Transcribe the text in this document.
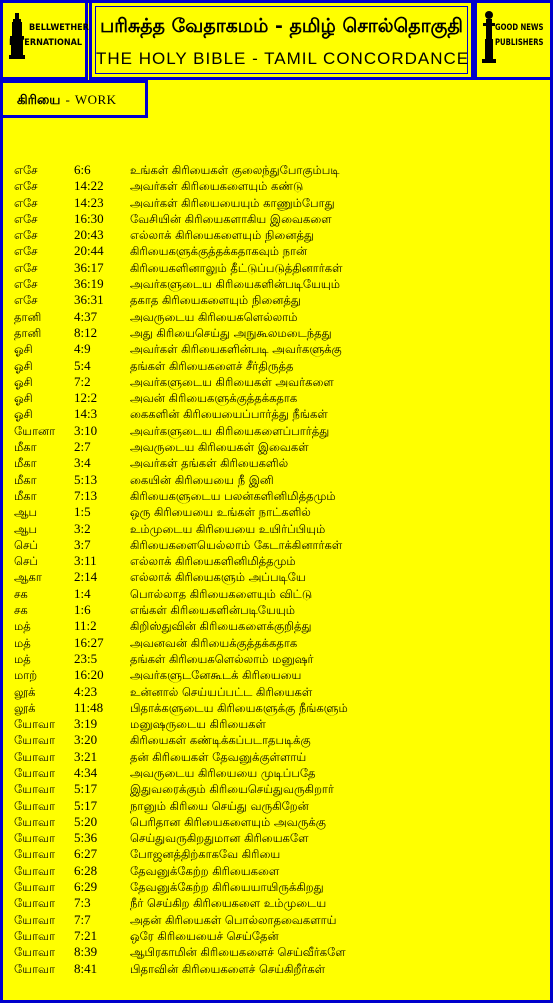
BELLWETHER
INTERNATIONAL
பரிசுத்த வேதாகமம் - தமிழ் சொல்தொகுதி
THE HOLY BIBLE - TAMIL CONCORDANCE
GOOD NEWS
PUBLISHERS
கிரியை - WORK
எசே	6:6	உங்கள் கிரியைகள் குலைந்துபோகும்படி
எசே	14:22 அவர்கள் கிரியைகளையும் கண்டு
எசே	14:23 அவர்கள் கிரியையையும் காணும்போது
எசே	16:30 வேசியின் கிரியைகளாகிய இவைகளை
எசே	20:43 எல்லாக் கிரியைகளையும் நினைத்து
எசே	20:44 கிரியைகளுக்குத்தக்கதாகவும் நான்
எசே	36:17 கிரியைகளினாலும் தீட்டுப்படுத்தினார்கள்
எசே	36:19 அவர்களுடைய கிரியைகளின்படியேயும்
எசே	36:31 தகாத கிரியைகளையும் நினைத்து
தானி	4:37	அவருடைய கிரியைகளெல்லாம்
தானி	8:12	அது கிரியைசெய்து அநுகூலமடைந்தது
ஓசி	4:9	அவர்கள் கிரியைகளின்படி அவர்களுக்கு
ஓசி	5:4	தங்கள் கிரியைகளைச் சீர்திருத்த
ஓசி	7:2	அவர்களுடைய கிரியைகள் அவர்களை
ஓசி	12:2	அவன் கிரியைகளுக்குத்தக்கதாக
ஓசி	14:3	கைகளின் கிரியையைப்பார்த்து நீங்கள்
யோனா 3:10	அவர்களுடைய கிரியைகளைப்பார்த்து
மீகா	2:7	அவருடைய கிரியைகள் இவைகள்
மீகா	3:4	அவர்கள் தங்கள் கிரியைகளில்
மீகா	5:13	கையின் கிரியையை நீ இனி
மீகா	7:13	கிரியைகளுடைய பலன்களினிமித்தமும்
ஆப	1:5	ஒரு கிரியையை உங்கள் நாட்களில்
ஆப	3:2	உம்முடைய கிரியையை உயிர்ப்பியும்
செப்	3:7	கிரியைகளையெல்லாம் கேடாக்கினார்கள்
செப்	3:11	எல்லாக் கிரியைகளினிமித்தமும்
ஆகா 2:14	எல்லாக் கிரியைகளும் அப்படியே
சக	1:4	பொல்லாத கிரியைகளையும் விட்டு
சக	1:6	எங்கள் கிரியைகளின்படியேயும்
மத்	11:2	கிறிஸ்துவின் கிரியைகளைக்குறித்து
மத்	16:27 அவனவன் கிரியைக்குத்தக்கதாக
மத்	23:5	தங்கள் கிரியைகளெல்லாம் மனுஷர்
மாற்	16:20 அவர்களுடனேகூடக் கிரியையை
லூக்	4:23	உன்னால் செய்யப்பட்ட கிரியைகள்
லூக்	11:48 பிதாக்களுடைய கிரியைகளுக்கு நீங்களும்
யோவா 3:19	மனுஷருடைய கிரியைகள்
யோவா 3:20	கிரியைகள் கண்டிக்கப்படாதபடிக்கு
யோவா 3:21	தன் கிரியைகள் தேவனுக்குள்ளாய்
யோவா 4:34	அவருடைய கிரியையை முடிப்பதே
யோவா 5:17	இதுவரைக்கும் கிரியைசெய்துவருகிறார்
யோவா 5:17	நானும் கிரியை செய்து வருகிறேன்
யோவா 5:20	பெரிதான கிரியைகளையும் அவருக்கு
யோவா 5:36	செய்துவருகிறதுமான கிரியைகளே
யோவா 6:27	போஜனத்திற்காகவே கிரியை
யோவா 6:28	தேவனுக்கேற்ற கிரியைகளை
யோவா 6:29	தேவனுக்கேற்ற கிரியையாயிருக்கிறது
யோவா 7:3	நீர் செய்கிற கிரியைகளை உம்முடைய
யோவா 7:7	அதன் கிரியைகள் பொல்லாதவைகளாய்
யோவா 7:21	ஒரே கிரியையைச் செய்தேன்
யோவா 8:39	ஆபிரகாமின் கிரியைகளைச் செய்வீர்களே
யோவா 8:41	பிதாவின் கிரியைகளைச் செய்கிறீர்கள்
